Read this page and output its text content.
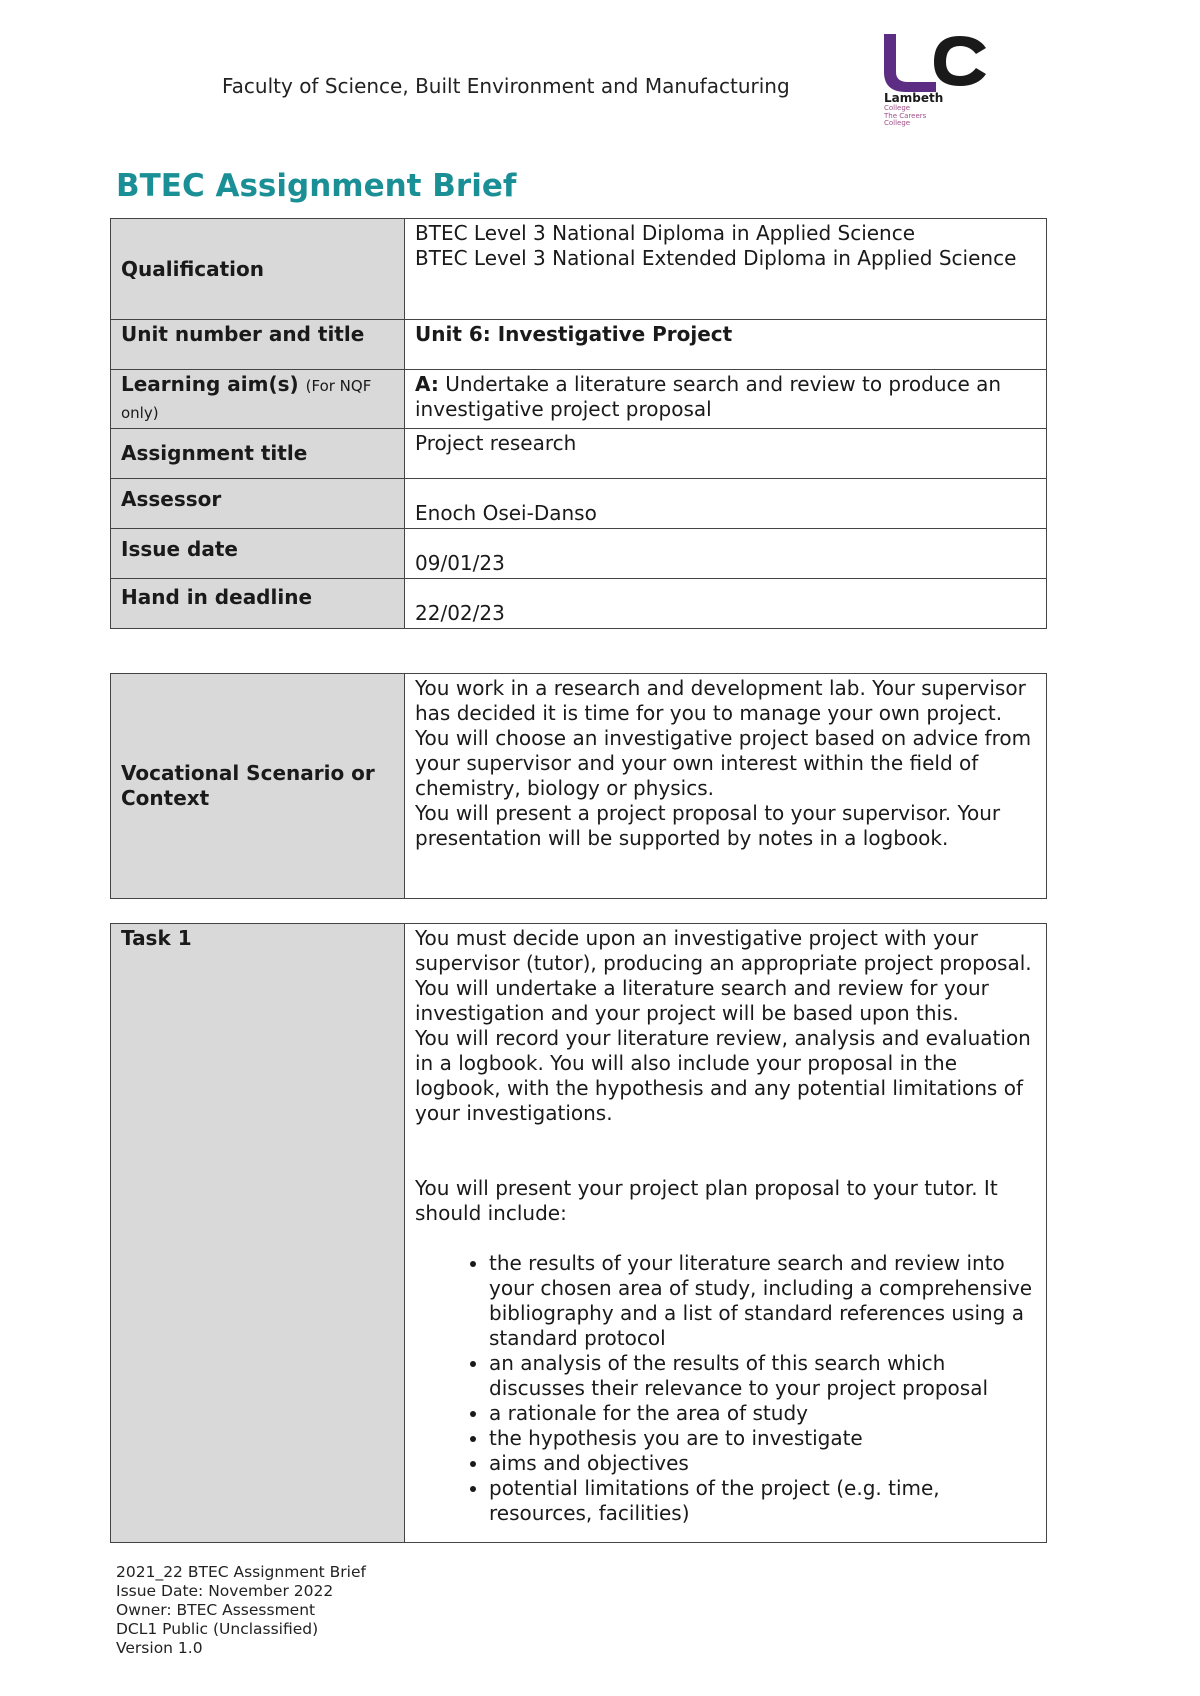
Faculty of Science, Built Environment and Manufacturing	Lambeth
College
The Careers
College
BTEC Assignment Brief
Qualification	BTEC Level 3 National Diploma in Applied Science
BTEC Level 3 National Extended Diploma in Applied Science

Unit number and title	Unit 6: Investigative Project
Learning aim(s) (For NQF only)	A: Undertake a literature search and review to produce an investigative project proposal
Assignment title	Project research
Assessor	Enoch Osei-Danso
Issue date	09/01/23
Hand in deadline	22/02/23
Vocational Scenario or Context	

You work in a research and development lab. Your supervisor has decided it is time for you to manage your own project.

You will choose an investigative project based on advice from your supervisor and your own interest within the field of chemistry, biology or physics.

You will present a project proposal to your supervisor. Your presentation will be supported by notes in a logbook.

Task 1	You must decide upon an investigative project with your supervisor (tutor), producing an appropriate project proposal.

You will undertake a literature search and review for your investigation and your project will be based upon this.

You will record your literature review, analysis and evaluation in a logbook. You will also include your proposal in the logbook, with the hypothesis and any potential limitations of your investigations.

You will present your project plan proposal to your tutor. It should include:

• the results of your literature search and review into your chosen area of study, including a comprehensive bibliography and a list of standard references using a standard protocol
• an analysis of the results of this search which discusses their relevance to your project proposal
• a rationale for the area of study
• the hypothesis you are to investigate
• aims and objectives
• potential limitations of the project (e.g. time, resources, facilities)
2021_22 BTEC Assignment Brief
Issue Date: November 2022
Owner: BTEC Assessment
DCL1 Public (Unclassified)
Version 1.0
